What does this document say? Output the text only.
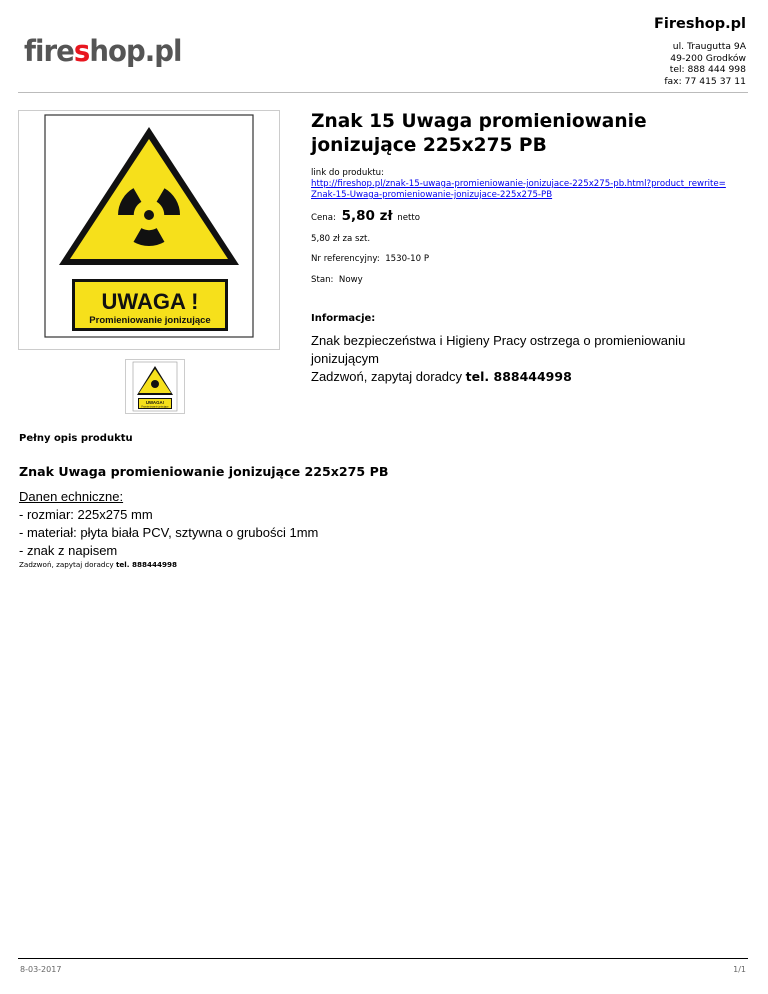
fireshop.pl
Fireshop.pl
ul. Traugutta 9A
49-200 Grodków
tel: 888 444 998
fax: 77 415 37 11
UWAGA !
Promieniowanie jonizujące
UWAGA!
Promieniowanie jonizujące
Znak 15 Uwaga promieniowanie jonizujące 225x275 PB
link do produktu:
http://fireshop.pl/znak-15-uwaga-promieniowanie-jonizujace-225x275-pb.html?product_rewrite=
Znak-15-Uwaga-promieniowanie-jonizujace-225x275-PB
Cena: 5,80 zł netto
5,80 zł za szt.
Nr referencyjny: 1530-10 P
Stan: Nowy
Informacje:
Znak bezpieczeństwa i Higieny Pracy ostrzega o promieniowaniu jonizującym
Zadzwoń, zapytaj doradcy tel. 888444998
Pełny opis produktu
Znak Uwaga promieniowanie jonizujące 225x275 PB
Danen echniczne:
- rozmiar: 225x275 mm
- materiał: płyta biała PCV, sztywna o grubości 1mm
- znak z napisem
Zadzwoń, zapytaj doradcy tel. 888444998
8-03-2017	1/1
